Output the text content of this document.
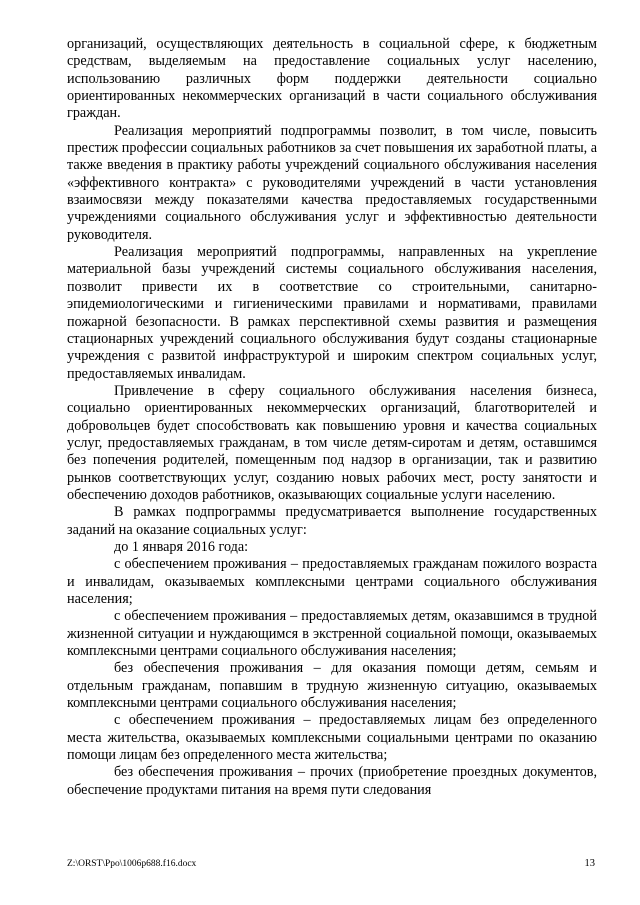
организаций, осуществляющих деятельность в социальной сфере, к бюджетным средствам, выделяемым на предоставление социальных услуг населению, использованию различных форм поддержки деятельности социально ориентированных некоммерческих организаций в части социального обслуживания граждан.

Реализация мероприятий подпрограммы позволит, в том числе, повысить престиж профессии социальных работников за счет повышения их заработной платы, а также введения в практику работы учреждений социального обслуживания населения «эффективного контракта» с руководителями учреждений в части установления взаимосвязи между показателями качества предоставляемых государственными учреждениями социального обслуживания услуг и эффективностью деятельности руководителя.

Реализация мероприятий подпрограммы, направленных на укрепление материальной базы учреждений системы социального обслуживания населения, позволит привести их в соответствие со строительными, санитарно-эпидемиологическими и гигиеническими правилами и нормативами, правилами пожарной безопасности. В рамках перспективной схемы развития и размещения стационарных учреждений социального обслуживания будут созданы стационарные учреждения с развитой инфраструктурой и широким спектром социальных услуг, предоставляемых инвалидам.

Привлечение в сферу социального обслуживания населения бизнеса, социально ориентированных некоммерческих организаций, благотворителей и добровольцев будет способствовать как повышению уровня и качества социальных услуг, предоставляемых гражданам, в том числе детям-сиротам и детям, оставшимся без попечения родителей, помещенным под надзор в организации, так и развитию рынков соответствующих услуг, созданию новых рабочих мест, росту занятости и обеспечению доходов работников, оказывающих социальные услуги населению.

В рамках подпрограммы предусматривается выполнение государственных заданий на оказание социальных услуг:

до 1 января 2016 года:

с обеспечением проживания – предоставляемых гражданам пожилого возраста и инвалидам, оказываемых комплексными центрами социального обслуживания населения;

с обеспечением проживания – предоставляемых детям, оказавшимся в трудной жизненной ситуации и нуждающимся в экстренной социальной помощи, оказываемых комплексными центрами социального обслуживания населения;

без обеспечения проживания – для оказания помощи детям, семьям и отдельным гражданам, попавшим в трудную жизненную ситуацию, оказываемых комплексными центрами социального обслуживания населения;

с обеспечением проживания – предоставляемых лицам без определенного места жительства, оказываемых комплексными социальными центрами по оказанию помощи лицам без определенного места жительства;

без обеспечения проживания – прочих (приобретение проездных документов, обеспечение продуктами питания на время пути следования

Z:\ORST\Ppo\1006p688.f16.docx	13
